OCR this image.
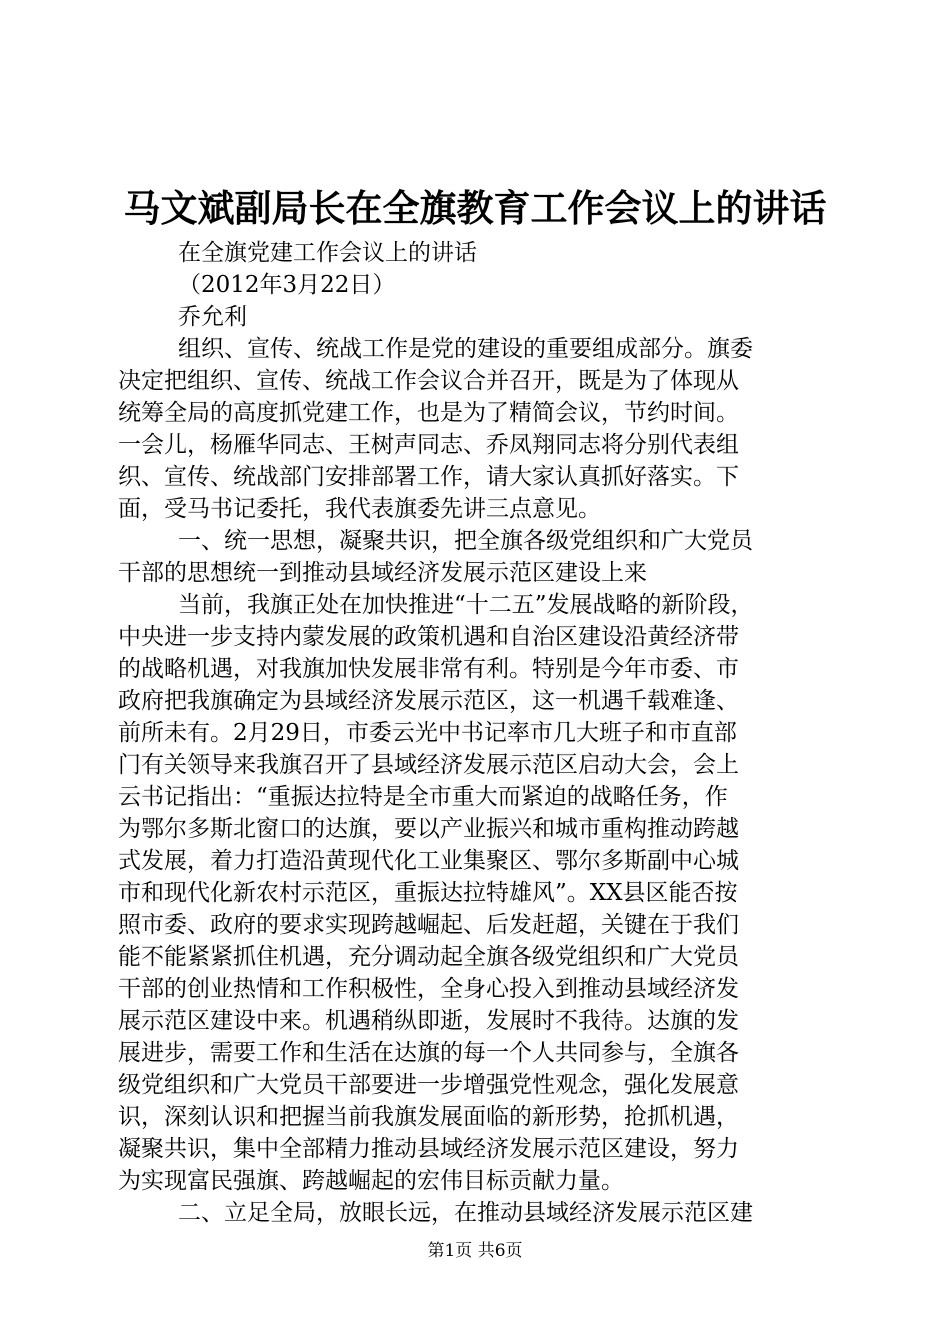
马文斌副局长在全旗教育工作会议上的讲话
在全旗党建工作会议上的讲话
（2012年3月22日）
乔允利
组织、宣传、统战工作是党的建设的重要组成部分。旗委
决定把组织、宣传、统战工作会议合并召开，既是为了体现从
统筹全局的高度抓党建工作，也是为了精简会议，节约时间。
一会儿，杨雁华同志、王树声同志、乔凤翔同志将分别代表组
织、宣传、统战部门安排部署工作，请大家认真抓好落实。下
面，受马书记委托，我代表旗委先讲三点意见。
一、统一思想，凝聚共识，把全旗各级党组织和广大党员
干部的思想统一到推动县域经济发展示范区建设上来
当前，我旗正处在加快推进“十二五”发展战略的新阶段，
中央进一步支持内蒙发展的政策机遇和自治区建设沿黄经济带
的战略机遇，对我旗加快发展非常有利。特别是今年市委、市
政府把我旗确定为县域经济发展示范区，这一机遇千载难逢、
前所未有。2月29日，市委云光中书记率市几大班子和市直部
门有关领导来我旗召开了县域经济发展示范区启动大会，会上
云书记指出：“重振达拉特是全市重大而紧迫的战略任务，作
为鄂尔多斯北窗口的达旗，要以产业振兴和城市重构推动跨越
式发展，着力打造沿黄现代化工业集聚区、鄂尔多斯副中心城
市和现代化新农村示范区，重振达拉特雄风”。XX县区能否按
照市委、政府的要求实现跨越崛起、后发赶超，关键在于我们
能不能紧紧抓住机遇，充分调动起全旗各级党组织和广大党员
干部的创业热情和工作积极性，全身心投入到推动县域经济发
展示范区建设中来。机遇稍纵即逝，发展时不我待。达旗的发
展进步，需要工作和生活在达旗的每一个人共同参与，全旗各
级党组织和广大党员干部要进一步增强党性观念，强化发展意
识，深刻认识和把握当前我旗发展面临的新形势，抢抓机遇，
凝聚共识，集中全部精力推动县域经济发展示范区建设，努力
为实现富民强旗、跨越崛起的宏伟目标贡献力量。
二、立足全局，放眼长远，在推动县域经济发展示范区建
第1页 共6页
